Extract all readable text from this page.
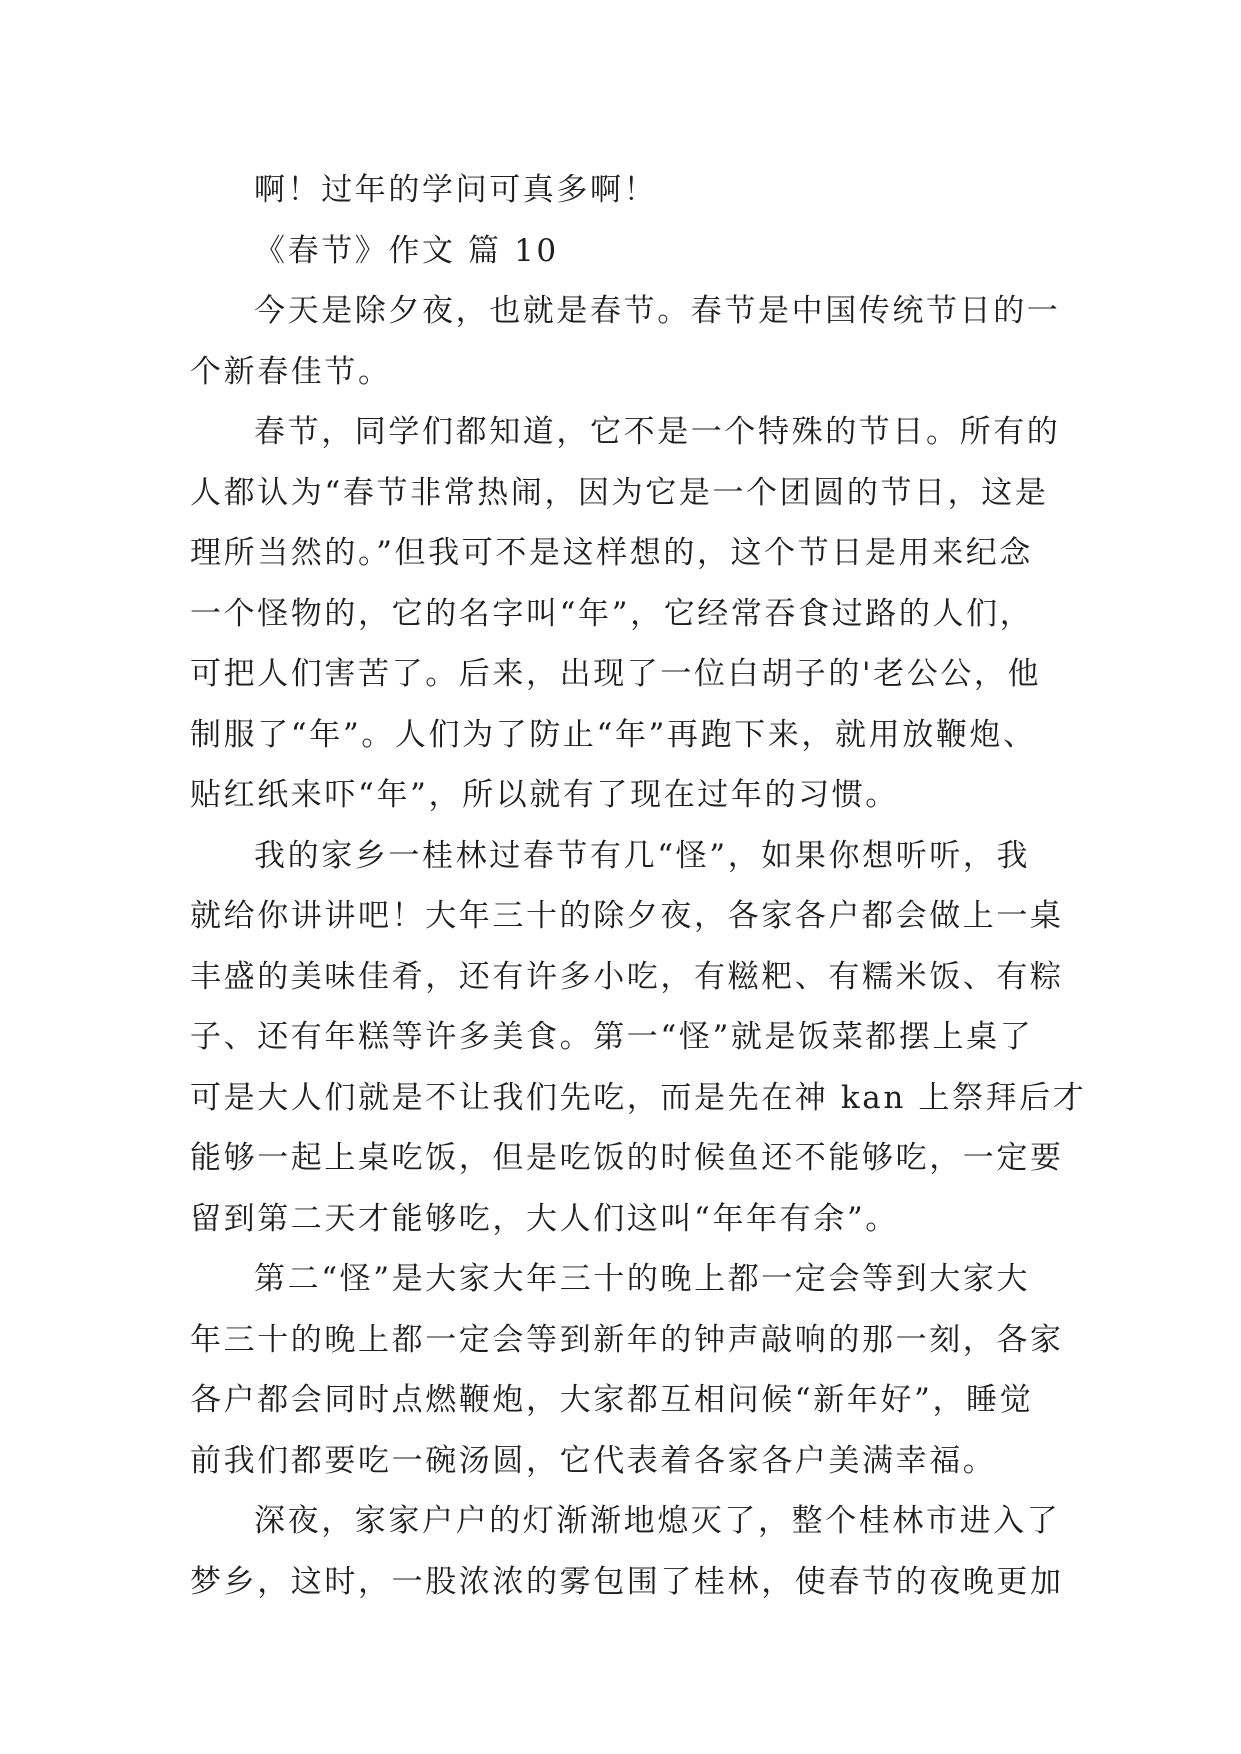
啊！过年的学问可真多啊！
《春节》作文 篇 10
今天是除夕夜，也就是春节。春节是中国传统节日的一
个新春佳节。
春节，同学们都知道，它不是一个特殊的节日。所有的
人都认为“春节非常热闹，因为它是一个团圆的节日，这是
理所当然的。”但我可不是这样想的，这个节日是用来纪念
一个怪物的，它的名字叫“年”，它经常吞食过路的人们，
可把人们害苦了。后来，出现了一位白胡子的'老公公，他
制服了“年”。人们为了防止“年”再跑下来，就用放鞭炮、
贴红纸来吓“年”，所以就有了现在过年的习惯。
我的家乡一桂林过春节有几“怪”，如果你想听听，我
就给你讲讲吧！大年三十的除夕夜，各家各户都会做上一桌
丰盛的美味佳肴，还有许多小吃，有糍粑、有糯米饭、有粽
子、还有年糕等许多美食。第一“怪”就是饭菜都摆上桌了
可是大人们就是不让我们先吃，而是先在神 kan 上祭拜后才
能够一起上桌吃饭，但是吃饭的时候鱼还不能够吃，一定要
留到第二天才能够吃，大人们这叫“年年有余”。
第二“怪”是大家大年三十的晚上都一定会等到大家大
年三十的晚上都一定会等到新年的钟声敲响的那一刻，各家
各户都会同时点燃鞭炮，大家都互相问候“新年好”，睡觉
前我们都要吃一碗汤圆，它代表着各家各户美满幸福。
深夜，家家户户的灯渐渐地熄灭了，整个桂林市进入了
梦乡，这时，一股浓浓的雾包围了桂林，使春节的夜晚更加
